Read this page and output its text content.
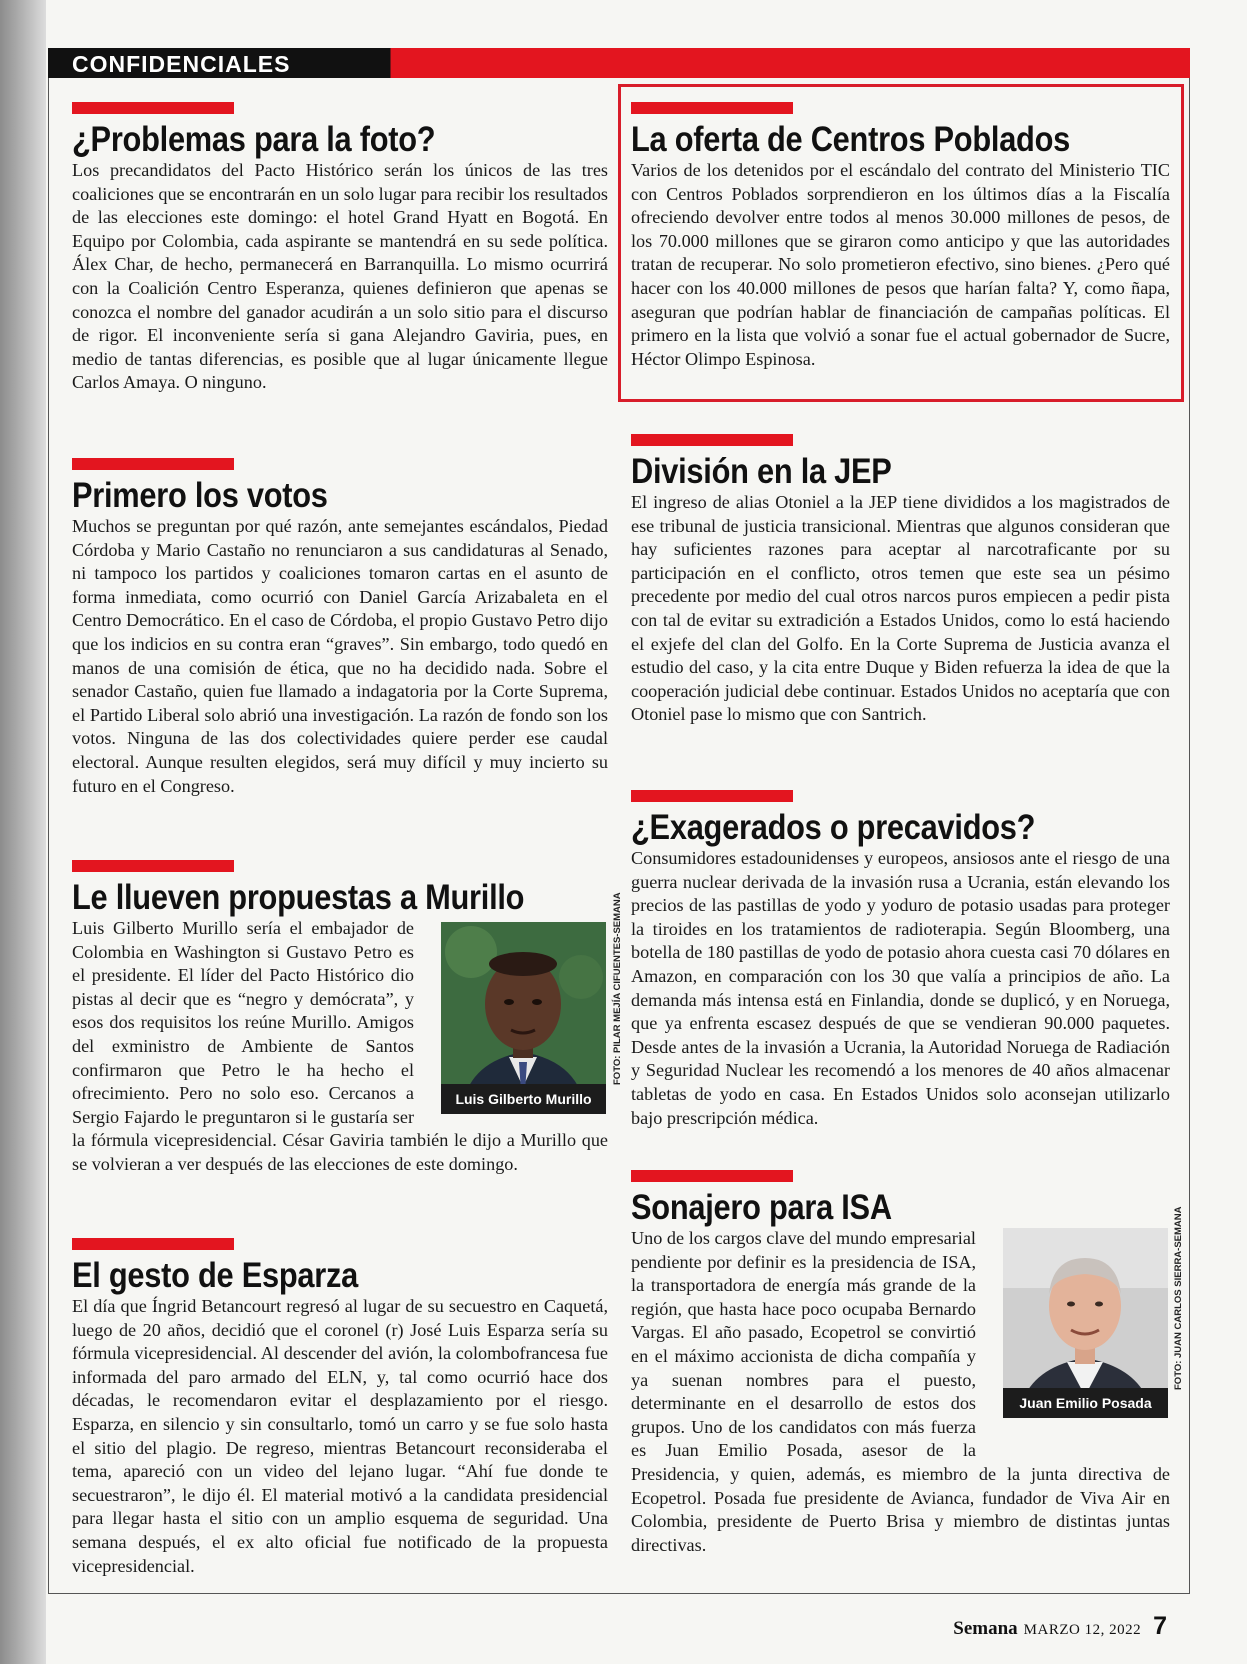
CONFIDENCIALES
¿Problemas para la foto?

Los precandidatos del Pacto Histórico serán los únicos de las tres coaliciones que se encontrarán en un solo lugar para recibir los resultados de las elecciones este domingo: el hotel Grand Hyatt en Bogotá. En Equipo por Colombia, cada aspirante se mantendrá en su sede política. Álex Char, de hecho, permanecerá en Barranquilla. Lo mismo ocurrirá con la Coalición Centro Esperanza, quienes definieron que apenas se conozca el nombre del ganador acudirán a un solo sitio para el discurso de rigor. El inconveniente sería si gana Alejandro Gaviria, pues, en medio de tantas diferencias, es posible que al lugar únicamente llegue Carlos Amaya. O ninguno.

Primero los votos

Muchos se preguntan por qué razón, ante semejantes escándalos, Piedad Córdoba y Mario Castaño no renunciaron a sus candidaturas al Senado, ni tampoco los partidos y coaliciones tomaron cartas en el asunto de forma inmediata, como ocurrió con Daniel García Arizabaleta en el Centro Democrático. En el caso de Córdoba, el propio Gustavo Petro dijo que los indicios en su contra eran “graves”. Sin embargo, todo quedó en manos de una comisión de ética, que no ha decidido nada. Sobre el senador Castaño, quien fue llamado a indagatoria por la Corte Suprema, el Partido Liberal solo abrió una investigación. La razón de fondo son los votos. Ninguna de las dos colectividades quiere perder ese caudal electoral. Aunque resulten elegidos, será muy difícil y muy incierto su futuro en el Congreso.

Le llueven propuestas a Murillo

Luis Gilberto Murillo sería el embajador de Colombia en Washington si Gustavo Petro es el presidente. El líder del Pacto Histórico dio pistas al decir que es “negro y demócrata”, y esos dos requisitos los reúne Murillo. Amigos del exministro de Ambiente de Santos confirmaron que Petro le ha hecho el ofrecimiento. Pero no solo eso. Cercanos a Sergio Fajardo le preguntaron si le gustaría ser la fórmula vicepresidencial. César Gaviria también le dijo a Murillo que se volvieran a ver después de las elecciones de este domingo.

Luis Gilberto Murillo
FOTO: PILAR MEJÍA CIFUENTES-SEMANA
El gesto de Esparza

El día que Íngrid Betancourt regresó al lugar de su secuestro en Caquetá, luego de 20 años, decidió que el coronel (r) José Luis Esparza sería su fórmula vicepresidencial. Al descender del avión, la colombofrancesa fue informada del paro armado del ELN, y, tal como ocurrió hace dos décadas, le recomendaron evitar el desplazamiento por el riesgo. Esparza, en silencio y sin consultarlo, tomó un carro y se fue solo hasta el sitio del plagio. De regreso, mientras Betancourt reconsideraba el tema, apareció con un video del lejano lugar. “Ahí fue donde te secuestraron”, le dijo él. El material motivó a la candidata presidencial para llegar hasta el sitio con un amplio esquema de seguridad. Una semana después, el ex alto oficial fue notificado de la propuesta vicepresidencial.

La oferta de Centros Poblados

Varios de los detenidos por el escándalo del contrato del Ministerio TIC con Centros Poblados sorprendieron en los últimos días a la Fiscalía ofreciendo devolver entre todos al menos 30.000 millones de pesos, de los 70.000 millones que se giraron como anticipo y que las autoridades tratan de recuperar. No solo prometieron efectivo, sino bienes. ¿Pero qué hacer con los 40.000 millones de pesos que harían falta? Y, como ñapa, aseguran que podrían hablar de financiación de campañas políticas. El primero en la lista que volvió a sonar fue el actual gobernador de Sucre, Héctor Olimpo Espinosa.

División en la JEP

El ingreso de alias Otoniel a la JEP tiene divididos a los magistrados de ese tribunal de justicia transicional. Mientras que algunos consideran que hay suficientes razones para aceptar al narcotraficante por su participación en el conflicto, otros temen que este sea un pésimo precedente por medio del cual otros narcos puros empiecen a pedir pista con tal de evitar su extradición a Estados Unidos, como lo está haciendo el exjefe del clan del Golfo. En la Corte Suprema de Justicia avanza el estudio del caso, y la cita entre Duque y Biden refuerza la idea de que la cooperación judicial debe continuar. Estados Unidos no aceptaría que con Otoniel pase lo mismo que con Santrich.

¿Exagerados o precavidos?

Consumidores estadounidenses y europeos, ansiosos ante el riesgo de una guerra nuclear derivada de la invasión rusa a Ucrania, están elevando los precios de las pastillas de yodo y yoduro de potasio usadas para proteger la tiroides en los tratamientos de radioterapia. Según Bloomberg, una botella de 180 pastillas de yodo de potasio ahora cuesta casi 70 dólares en Amazon, en comparación con los 30 que valía a principios de año. La demanda más intensa está en Finlandia, donde se duplicó, y en Noruega, que ya enfrenta escasez después de que se vendieran 90.000 paquetes. Desde antes de la invasión a Ucrania, la Autoridad Noruega de Radiación y Seguridad Nuclear les recomendó a los menores de 40 años almacenar tabletas de yodo en casa. En Estados Unidos solo aconsejan utilizarlo bajo prescripción médica.

Sonajero para ISA

Uno de los cargos clave del mundo empresarial pendiente por definir es la presidencia de ISA, la transportadora de energía más grande de la región, que hasta hace poco ocupaba Bernardo Vargas. El año pasado, Ecopetrol se convirtió en el máximo accionista de dicha compañía y ya suenan nombres para el puesto, determinante en el desarrollo de estos dos grupos. Uno de los candidatos con más fuerza es Juan Emilio Posada, asesor de la Presidencia, y quien, además, es miembro de la junta directiva de Ecopetrol. Posada fue presidente de Avianca, fundador de Viva Air en Colombia, presidente de Puerto Brisa y miembro de distintas juntas directivas.

Juan Emilio Posada
FOTO: JUAN CARLOS SIERRA-SEMANA
Semana MARZO 12, 2022 7
